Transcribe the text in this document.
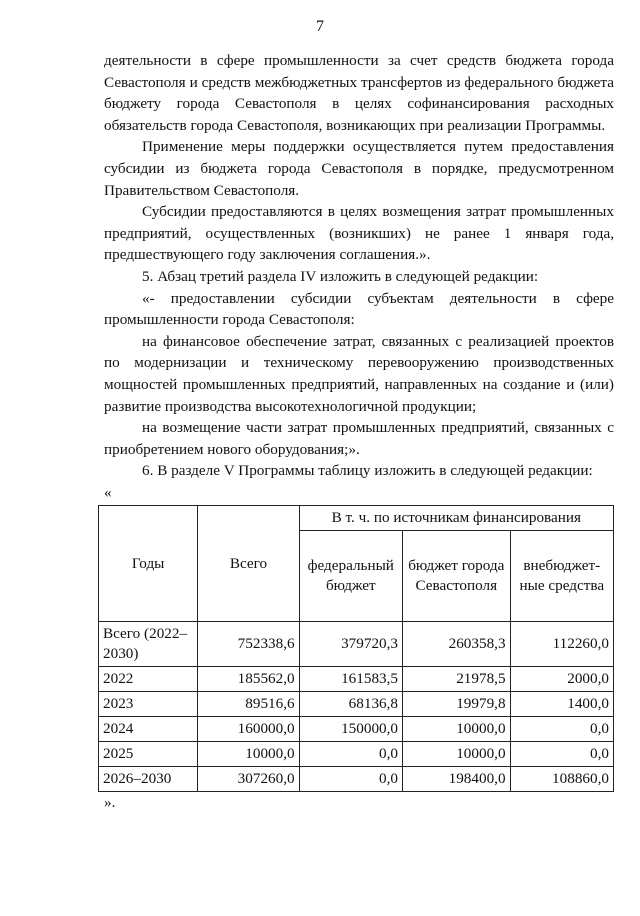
7

деятельности в сфере промышленности за счет средств бюджета города Севастополя и средств межбюджетных трансфертов из федерального бюджета бюджету города Севастополя в целях софинансирования расходных обязательств города Севастополя, возникающих при реализации Программы.

Применение меры поддержки осуществляется путем предоставления субсидии из бюджета города Севастополя в порядке, предусмотренном Правительством Севастополя.

Субсидии предоставляются в целях возмещения затрат промышленных предприятий, осуществленных (возникших) не ранее 1 января года, предшествующего году заключения соглашения.».

5. Абзац третий раздела IV изложить в следующей редакции:

«- предоставлении субсидии субъектам деятельности в сфере промышленности города Севастополя:

на финансовое обеспечение затрат, связанных с реализацией проектов по модернизации и техническому перевооружению производственных мощностей промышленных предприятий, направленных на создание и (или) развитие производства высокотехнологичной продукции;

на возмещение части затрат промышленных предприятий, связанных с приобретением нового оборудования;».

6. В разделе V Программы таблицу изложить в следующей редакции:

«

Годы	Всего	В т. ч. по источникам финансирования		
		федеральный бюджет	бюджет города Севастополя	внебюджет-ные средства
Всего (2022–2030)	752338,6	379720,3	260358,3	112260,0
2022	185562,0	161583,5	21978,5	2000,0
2023	89516,6	68136,8	19979,8	1400,0
2024	160000,0	150000,0	10000,0	0,0
2025	10000,0	0,0	10000,0	0,0
2026–2030	307260,0	0,0	198400,0	108860,0

».
